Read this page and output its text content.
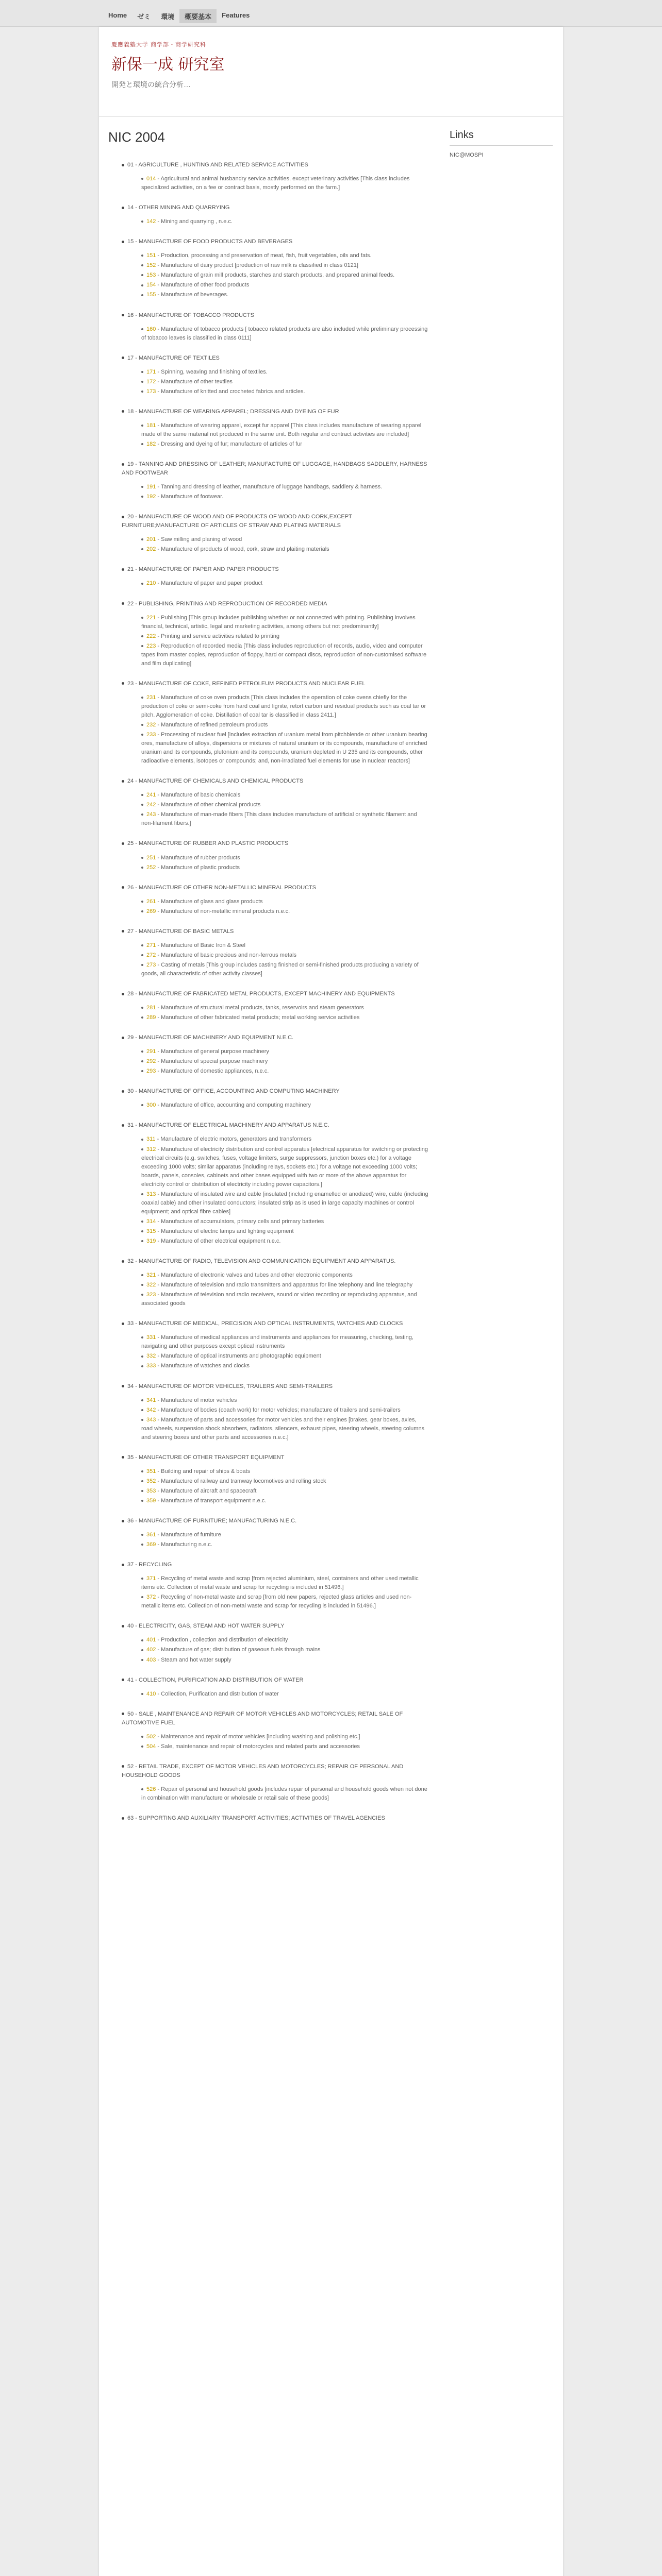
Home	ゼミ	環境	概要基本	Features
慶應義塾大学 商学部・商学研究科
新保一成 研究室
開発と環境の統合分析…
NIC 2004
01 - AGRICULTURE , HUNTING AND RELATED SERVICE ACTIVITIES
014 - Agricultural and animal husbandry service activities, except veterinary activities [This class includes specialized activities, on a fee or contract basis, mostly performed on the farm.]
14 - OTHER MINING AND QUARRYING
142 - Mining and quarrying , n.e.c.
15 - MANUFACTURE OF FOOD PRODUCTS AND BEVERAGES
151 - Production, processing and preservation of meat, fish, fruit vegetables, oils and fats.
152 - Manufacture of dairy product [production of raw milk is classified in class 0121]
153 - Manufacture of grain mill products, starches and starch products, and prepared animal feeds.
154 - Manufacture of other food products
155 - Manufacture of beverages.
16 - MANUFACTURE OF TOBACCO PRODUCTS
160 - Manufacture of tobacco products [ tobacco related products are also included while preliminary processing of tobacco leaves is classified in class 0111]
17 - MANUFACTURE OF TEXTILES
171 - Spinning, weaving and finishing of textiles.
172 - Manufacture of other textiles
173 - Manufacture of knitted and crocheted fabrics and articles.
18 - MANUFACTURE OF WEARING APPAREL; DRESSING AND DYEING OF FUR
181 - Manufacture of wearing apparel, except fur apparel [This class includes manufacture of wearing apparel made of the same material not produced in the same unit. Both regular and contract activities are included]
182 - Dressing and dyeing of fur; manufacture of articles of fur
19 - TANNING AND DRESSING OF LEATHER; MANUFACTURE OF LUGGAGE, HANDBAGS SADDLERY, HARNESS AND FOOTWEAR
191 - Tanning and dressing of leather, manufacture of luggage handbags, saddlery & harness.
192 - Manufacture of footwear.
20 - MANUFACTURE OF WOOD AND OF PRODUCTS OF WOOD AND CORK,EXCEPT FURNITURE;MANUFACTURE OF ARTICLES OF STRAW AND PLATING MATERIALS
201 - Saw milling and planing of wood
202 - Manufacture of products of wood, cork, straw and plaiting materials
21 - MANUFACTURE OF PAPER AND PAPER PRODUCTS
210 - Manufacture of paper and paper product
22 - PUBLISHING, PRINTING AND REPRODUCTION OF RECORDED MEDIA
221 - Publishing [This group includes publishing whether or not connected with printing. Publishing involves financial, technical, artistic, legal and marketing activities, among others but not predominantly]
222 - Printing and service activities related to printing
223 - Reproduction of recorded media [This class includes reproduction of records, audio, video and computer tapes from master copies, reproduction of floppy, hard or compact discs, reproduction of non-customised software and film duplicating]
23 - MANUFACTURE OF COKE, REFINED PETROLEUM PRODUCTS AND NUCLEAR FUEL
231 - Manufacture of coke oven products [This class includes the operation of coke ovens chiefly for the production of coke or semi-coke from hard coal and lignite, retort carbon and residual products such as coal tar or pitch. Agglomeration of coke. Distillation of coal tar is classified in class 2411.]
232 - Manufacture of refined petroleum products
233 - Processing of nuclear fuel [includes extraction of uranium metal from pitchblende or other uranium bearing ores, manufacture of alloys, dispersions or mixtures of natural uranium or its compounds, manufacture of enriched uranium and its compounds, plutonium and its compounds, uranium depleted in U 235 and its compounds, other radioactive elements, isotopes or compounds; and, non-irradiated fuel elements for use in nuclear reactors]
24 - MANUFACTURE OF CHEMICALS AND CHEMICAL PRODUCTS
241 - Manufacture of basic chemicals
242 - Manufacture of other chemical products
243 - Manufacture of man-made fibers [This class includes manufacture of artificial or synthetic filament and non-filament fibers.]
25 - MANUFACTURE OF RUBBER AND PLASTIC PRODUCTS
251 - Manufacture of rubber products
252 - Manufacture of plastic products
26 - MANUFACTURE OF OTHER NON-METALLIC MINERAL PRODUCTS
261 - Manufacture of glass and glass products
269 - Manufacture of non-metallic mineral products n.e.c.
27 - MANUFACTURE OF BASIC METALS
271 - Manufacture of Basic Iron & Steel
272 - Manufacture of basic precious and non-ferrous metals
273 - Casting of metals [This group includes casting finished or semi-finished products producing a variety of goods, all characteristic of other activity classes]
28 - MANUFACTURE OF FABRICATED METAL PRODUCTS, EXCEPT MACHINERY AND EQUIPMENTS
281 - Manufacture of structural metal products, tanks, reservoirs and steam generators
289 - Manufacture of other fabricated metal products; metal working service activities
29 - MANUFACTURE OF MACHINERY AND EQUIPMENT N.E.C.
291 - Manufacture of general purpose machinery
292 - Manufacture of special purpose machinery
293 - Manufacture of domestic appliances, n.e.c.
30 - MANUFACTURE OF OFFICE, ACCOUNTING AND COMPUTING MACHINERY
300 - Manufacture of office, accounting and computing machinery
31 - MANUFACTURE OF ELECTRICAL MACHINERY AND APPARATUS N.E.C.
311 - Manufacture of electric motors, generators and transformers
312 - Manufacture of electricity distribution and control apparatus [electrical apparatus for switching or protecting electrical circuits (e.g. switches, fuses, voltage limiters, surge suppressors, junction boxes etc.) for a voltage exceeding 1000 volts; similar apparatus (including relays, sockets etc.) for a voltage not exceeding 1000 volts; boards, panels, consoles, cabinets and other bases equipped with two or more of the above apparatus for electricity control or distribution of electricity including power capacitors.]
313 - Manufacture of insulated wire and cable [insulated (including enamelled or anodized) wire, cable (including coaxial cable) and other insulated conductors; insulated strip as is used in large capacity machines or control equipment; and optical fibre cables]
314 - Manufacture of accumulators, primary cells and primary batteries
315 - Manufacture of electric lamps and lighting equipment
319 - Manufacture of other electrical equipment n.e.c.
32 - MANUFACTURE OF RADIO, TELEVISION AND COMMUNICATION EQUIPMENT AND APPARATUS.
321 - Manufacture of electronic valves and tubes and other electronic components
322 - Manufacture of television and radio transmitters and apparatus for line telephony and line telegraphy
323 - Manufacture of television and radio receivers, sound or video recording or reproducing apparatus, and associated goods
33 - MANUFACTURE OF MEDICAL, PRECISION AND OPTICAL INSTRUMENTS, WATCHES AND CLOCKS
331 - Manufacture of medical appliances and instruments and appliances for measuring, checking, testing, navigating and other purposes except optical instruments
332 - Manufacture of optical instruments and photographic equipment
333 - Manufacture of watches and clocks
34 - MANUFACTURE OF MOTOR VEHICLES, TRAILERS AND SEMI-TRAILERS
341 - Manufacture of motor vehicles
342 - Manufacture of bodies (coach work) for motor vehicles; manufacture of trailers and semi-trailers
343 - Manufacture of parts and accessories for motor vehicles and their engines [brakes, gear boxes, axles, road wheels, suspension shock absorbers, radiators, silencers, exhaust pipes, steering wheels, steering columns and steering boxes and other parts and accessories n.e.c.]
35 - MANUFACTURE OF OTHER TRANSPORT EQUIPMENT
351 - Building and repair of ships & boats
352 - Manufacture of railway and tramway locomotives and rolling stock
353 - Manufacture of aircraft and spacecraft
359 - Manufacture of transport equipment n.e.c.
36 - MANUFACTURE OF FURNITURE; MANUFACTURING N.E.C.
361 - Manufacture of furniture
369 - Manufacturing n.e.c.
37 - RECYCLING
371 - Recycling of metal waste and scrap [from rejected aluminium, steel, containers and other used metallic items etc. Collection of metal waste and scrap for recycling is included in 51496.]
372 - Recycling of non-metal waste and scrap [from old new papers, rejected glass articles and used non-metallic items etc. Collection of non-metal waste and scrap for recycling is included in 51496.]
40 - ELECTRICITY, GAS, STEAM AND HOT WATER SUPPLY
401 - Production , collection and distribution of electricity
402 - Manufacture of gas; distribution of gaseous fuels through mains
403 - Steam and hot water supply
41 - COLLECTION, PURIFICATION AND DISTRIBUTION OF WATER
410 - Collection, Purification and distribution of water
50 - SALE , MAINTENANCE AND REPAIR OF MOTOR VEHICLES AND MOTORCYCLES; RETAIL SALE OF AUTOMOTIVE FUEL
502 - Maintenance and repair of motor vehicles [including washing and polishing etc.]
504 - Sale, maintenance and repair of motorcycles and related parts and accessories
52 - RETAIL TRADE, EXCEPT OF MOTOR VEHICLES AND MOTORCYCLES; REPAIR OF PERSONAL AND HOUSEHOLD GOODS
526 - Repair of personal and household goods [includes repair of personal and household goods when not done in combination with manufacture or wholesale or retail sale of these goods]
63 - SUPPORTING AND AUXILIARY TRANSPORT ACTIVITIES; ACTIVITIES OF TRAVEL AGENCIES
Links
NIC@MOSPI
